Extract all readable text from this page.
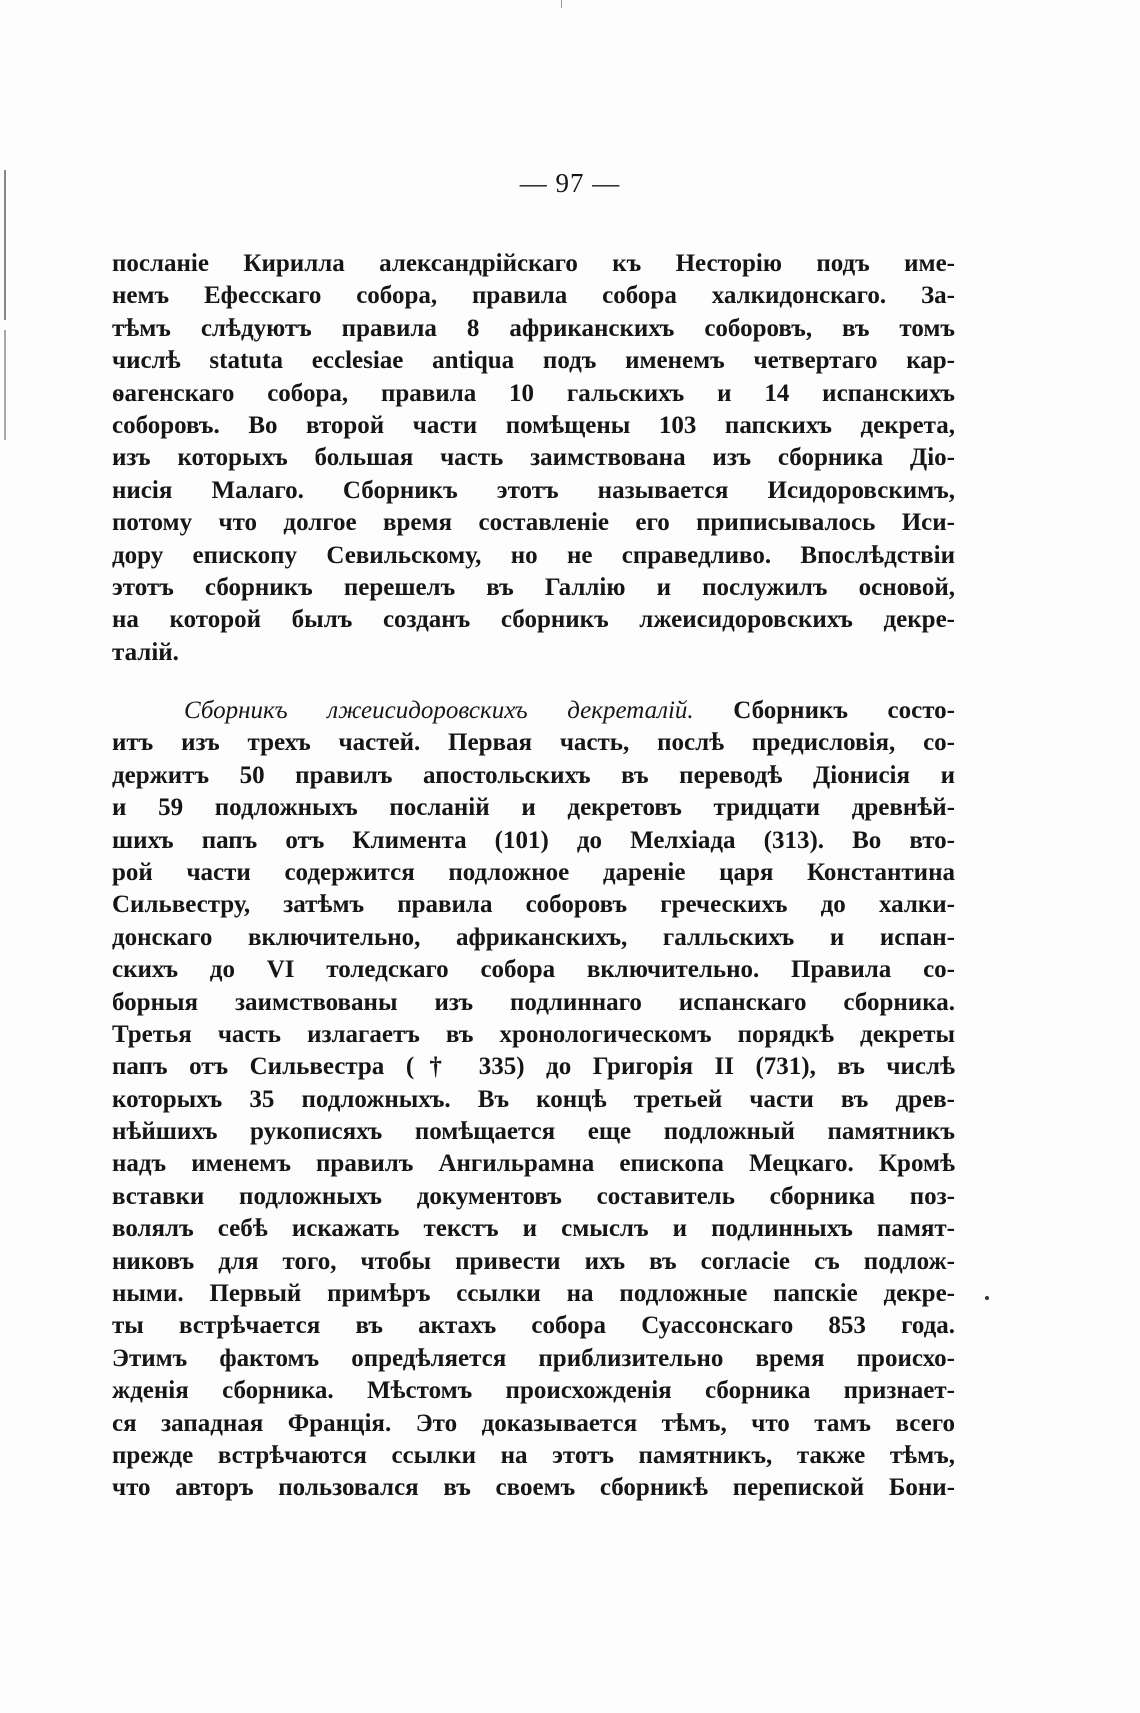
— 97 —
посланіе Кирилла александрійскаго къ Несторію подъ име-
немъ Ефесскаго собора, правила собора халкидонскаго. За-
тѣмъ слѣдуютъ правила 8 африканскихъ соборовъ, въ томъ
числѣ statuta ecclesiae antiqua подъ именемъ четвертаго кар-
ѳагенскаго собора, правила 10 гальскихъ и 14 испанскихъ
соборовъ. Во второй части помѣщены 103 папскихъ декрета,
изъ которыхъ большая часть заимствована изъ сборника Діо-
нисія Малаго. Сборникъ этотъ называется Исидоровскимъ,
потому что долгое время составленіе его приписывалось Иси-
дору епископу Севильскому, но не справедливо. Впослѣдствіи
этотъ сборникъ перешелъ въ Галлію и послужилъ основой,
на которой былъ созданъ сборникъ лжеисидоровскихъ декре-
талій.
Сборникъ лжеисидоровскихъ декреталій. Сборникъ состо-
итъ изъ трехъ частей. Первая часть, послѣ предисловія, со-
держитъ 50 правилъ апостольскихъ въ переводѣ Діонисія и
и 59 подложныхъ посланій и декретовъ тридцати древнѣй-
шихъ папъ отъ Климента (101) до Мелхіада (313). Во вто-
рой части содержится подложное дареніе царя Константина
Сильвестру, затѣмъ правила соборовъ греческихъ до халки-
донскаго включительно, африканскихъ, галльскихъ и испан-
скихъ до VI толедскаго собора включительно. Правила со-
борныя заимствованы изъ подлиннаго испанскаго сборника.
Третья часть излагаетъ въ хронологическомъ порядкѣ декреты
папъ отъ Сильвестра († 335) до Григорія II (731), въ числѣ
которыхъ 35 подложныхъ. Въ концѣ третьей части въ древ-
нѣйшихъ рукописяхъ помѣщается еще подложный памятникъ
надъ именемъ правилъ Ангильрамна епископа Мецкаго. Кромѣ
вставки подложныхъ документовъ составитель сборника поз-
волялъ себѣ искажать текстъ и смыслъ и подлинныхъ памят-
никовъ для того, чтобы привести ихъ въ согласіе съ подлож-
ными. Первый примѣръ ссылки на подложные папскіе декре-
ты встрѣчается въ актахъ собора Суассонскаго 853 года.
Этимъ фактомъ опредѣляется приблизительно время происхо-
жденія сборника. Мѣстомъ происхожденія сборника признает-
ся западная Франція. Это доказывается тѣмъ, что тамъ всего
прежде встрѣчаются ссылки на этотъ памятникъ, также тѣмъ,
что авторъ пользовался въ своемъ сборникѣ перепиской Бони-
